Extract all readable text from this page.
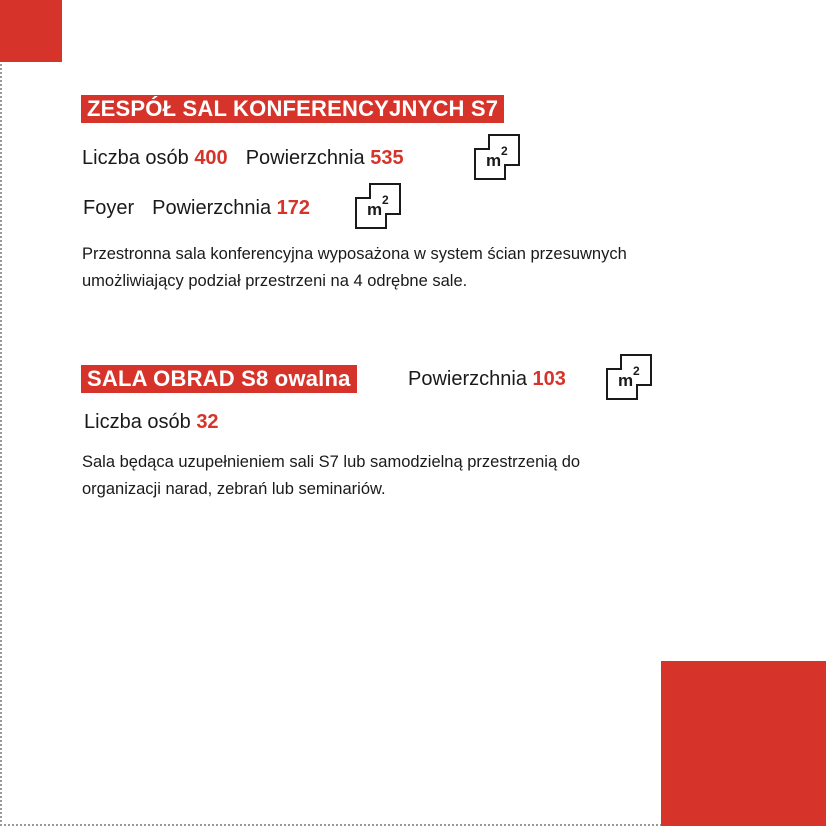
ZESPÓŁ SAL KONFERENCYJNYCH S7
Liczba osób
400 Powierzchnia
535	m 2
Foyer Powierzchnia
172	m 2
Przestronna sala konferencyjna wyposażona w system ścian przesuwnych
umożliwiający podział przestrzeni na 4 odrębne sale.
SALA OBRAD S8 owalna	Powierzchnia
103	m 2
Liczba osób
32
Sala będąca uzupełnieniem sali S7 lub samodzielną przestrzenią do
organizacji narad, zebrań lub seminariów.
